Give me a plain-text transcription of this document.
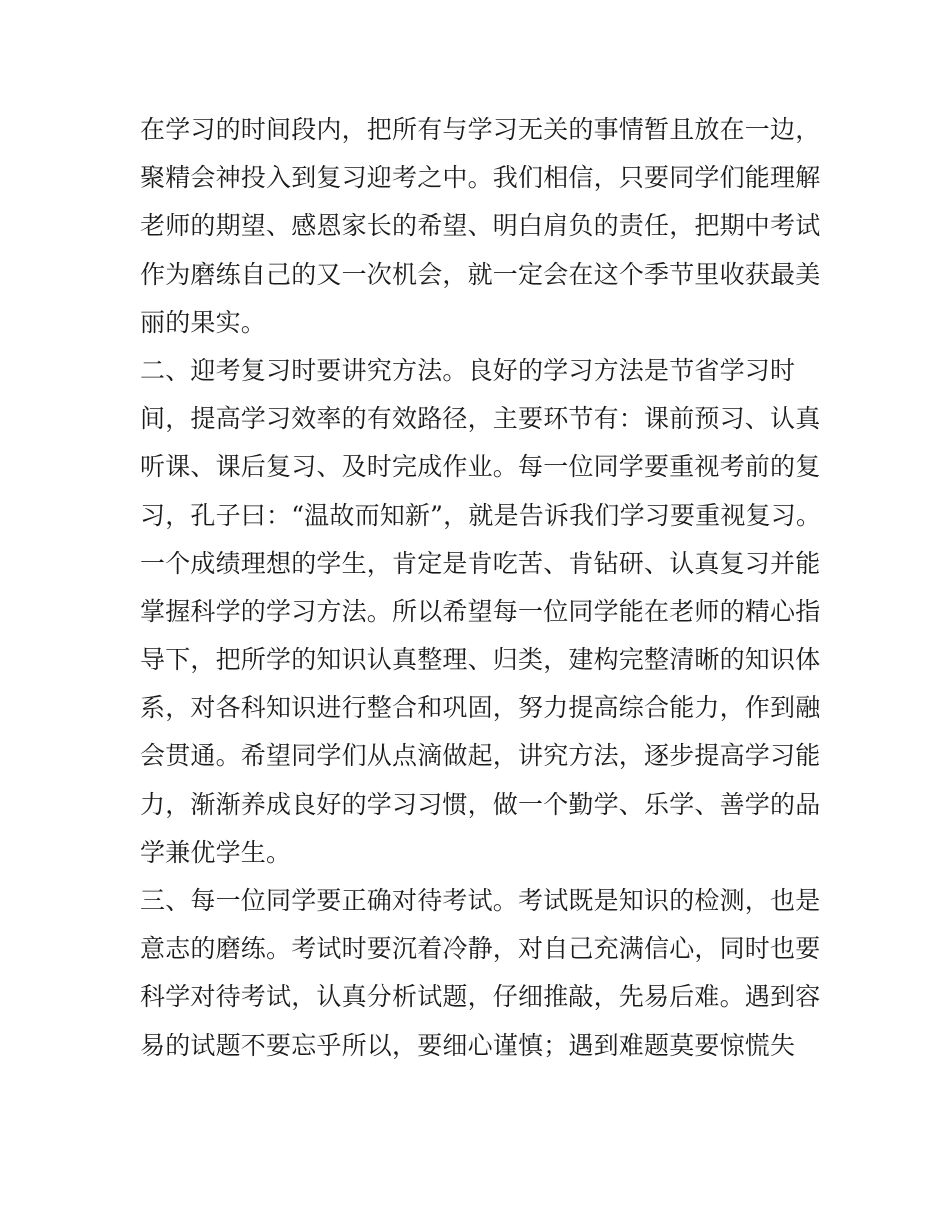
在学习的时间段内，把所有与学习无关的事情暂且放在一边，
聚精会神投入到复习迎考之中。我们相信，只要同学们能理解
老师的期望、感恩家长的希望、明白肩负的责任，把期中考试
作为磨练自己的又一次机会，就一定会在这个季节里收获最美
丽的果实。
二、迎考复习时要讲究方法。良好的学习方法是节省学习时
间，提高学习效率的有效路径，主要环节有：课前预习、认真
听课、课后复习、及时完成作业。每一位同学要重视考前的复
习，孔子曰：“温故而知新”，就是告诉我们学习要重视复习。
一个成绩理想的学生，肯定是肯吃苦、肯钻研、认真复习并能
掌握科学的学习方法。所以希望每一位同学能在老师的精心指
导下，把所学的知识认真整理、归类，建构完整清晰的知识体
系，对各科知识进行整合和巩固，努力提高综合能力，作到融
会贯通。希望同学们从点滴做起，讲究方法，逐步提高学习能
力，渐渐养成良好的学习习惯，做一个勤学、乐学、善学的品
学兼优学生。
三、每一位同学要正确对待考试。考试既是知识的检测，也是
意志的磨练。考试时要沉着冷静，对自己充满信心，同时也要
科学对待考试，认真分析试题，仔细推敲，先易后难。遇到容
易的试题不要忘乎所以，要细心谨慎；遇到难题莫要惊慌失
